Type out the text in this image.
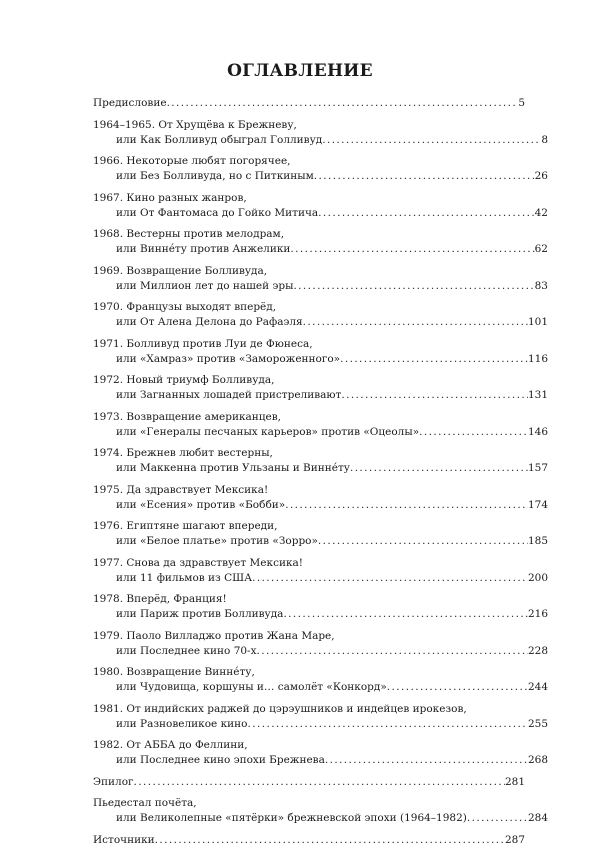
ОГЛАВЛЕНИЕ
Предисловие .....	5
1964–1965. От Хрущёва к Брежневу,
или Как Болливуд обыграл Голливуд .....	8
1966. Некоторые любят погорячее,
или Без Болливуда, но с Питкиным .....	26
1967. Кино разных жанров,
или От Фантомаса до Гойко Митича .....	42
1968. Вестерны против мелодрам,
или Виннéту против Анжелики .....	62
1969. Возвращение Болливуда,
или Миллион лет до нашей эры .....	83
1970. Французы выходят вперёд,
или От Алена Делона до Рафаэля .....	101
1971. Болливуд против Луи де Фюнеса,
или «Хамраз» против «Замороженного» .....	116
1972. Новый триумф Болливуда,
или Загнанных лошадей пристреливают .....	131
1973. Возвращение американцев,
или «Генералы песчаных карьеров» против «Оцеолы» .....	146
1974. Брежнев любит вестерны,
или Маккенна против Ульзаны и Виннéту .....	157
1975. Да здравствует Мексика!
или «Есения» против «Бобби» .....	174
1976. Египтяне шагают впереди,
или «Белое платье» против «Зорро» .....	185
1977. Снова да здравствует Мексика!
или 11 фильмов из США .....	200
1978. Вперёд, Франция!
или Париж против Болливуда .....	216
1979. Паоло Вилладжо против Жана Маре,
или Последнее кино 70-х .....	228
1980. Возвращение Виннéту,
или Чудовища, коршуны и… самолёт «Конкорд» .....	244
1981. От индийских раджей до цэрэушников и индейцев ирокезов,
или Разновеликое кино .....	255
1982. От АББА до Феллини,
или Последнее кино эпохи Брежнева .....	268
Эпилог .....	281
Пьедестал почёта,
или Великолепные «пятёрки» брежневской эпохи (1964–1982) .....	284
Источники .....	287
